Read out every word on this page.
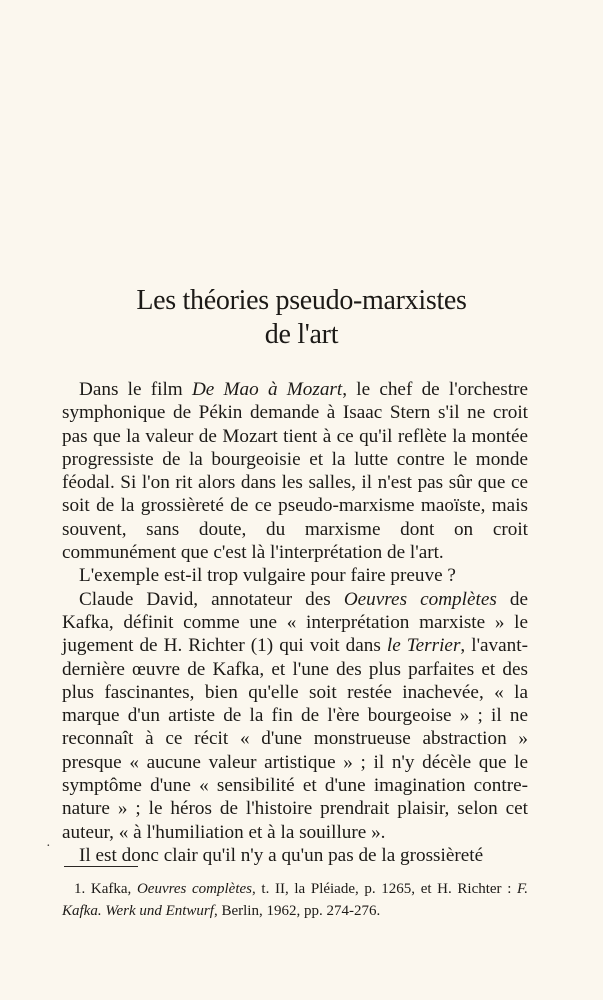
Les théories pseudo-marxistes
de l'art

Dans le film De Mao à Mozart, le chef de l'orchestre symphonique de Pékin demande à Isaac Stern s'il ne croit pas que la valeur de Mozart tient à ce qu'il reflète la montée progressiste de la bourgeoisie et la lutte contre le monde féodal. Si l'on rit alors dans les salles, il n'est pas sûr que ce soit de la grossièreté de ce pseudo-marxisme maoïste, mais souvent, sans doute, du marxisme dont on croit communément que c'est là l'interprétation de l'art.

L'exemple est-il trop vulgaire pour faire preuve ?

Claude David, annotateur des Oeuvres complètes de Kafka, définit comme une « interprétation marxiste » le jugement de H. Richter (1) qui voit dans le Terrier, l'avant-dernière œuvre de Kafka, et l'une des plus parfaites et des plus fascinantes, bien qu'elle soit restée inachevée, « la marque d'un artiste de la fin de l'ère bourgeoise » ; il ne reconnaît à ce récit « d'une monstrueuse abstraction » presque « aucune valeur artistique » ; il n'y décèle que le symptôme d'une « sensibilité et d'une imagination contre-nature » ; le héros de l'histoire prendrait plaisir, selon cet auteur, « à l'humiliation et à la souillure ».

Il est donc clair qu'il n'y a qu'un pas de la grossièreté

·
1. Kafka, Oeuvres complètes, t. II, la Pléiade, p. 1265, et H. Richter : F. Kafka. Werk und Entwurf, Berlin, 1962, pp. 274-276.
